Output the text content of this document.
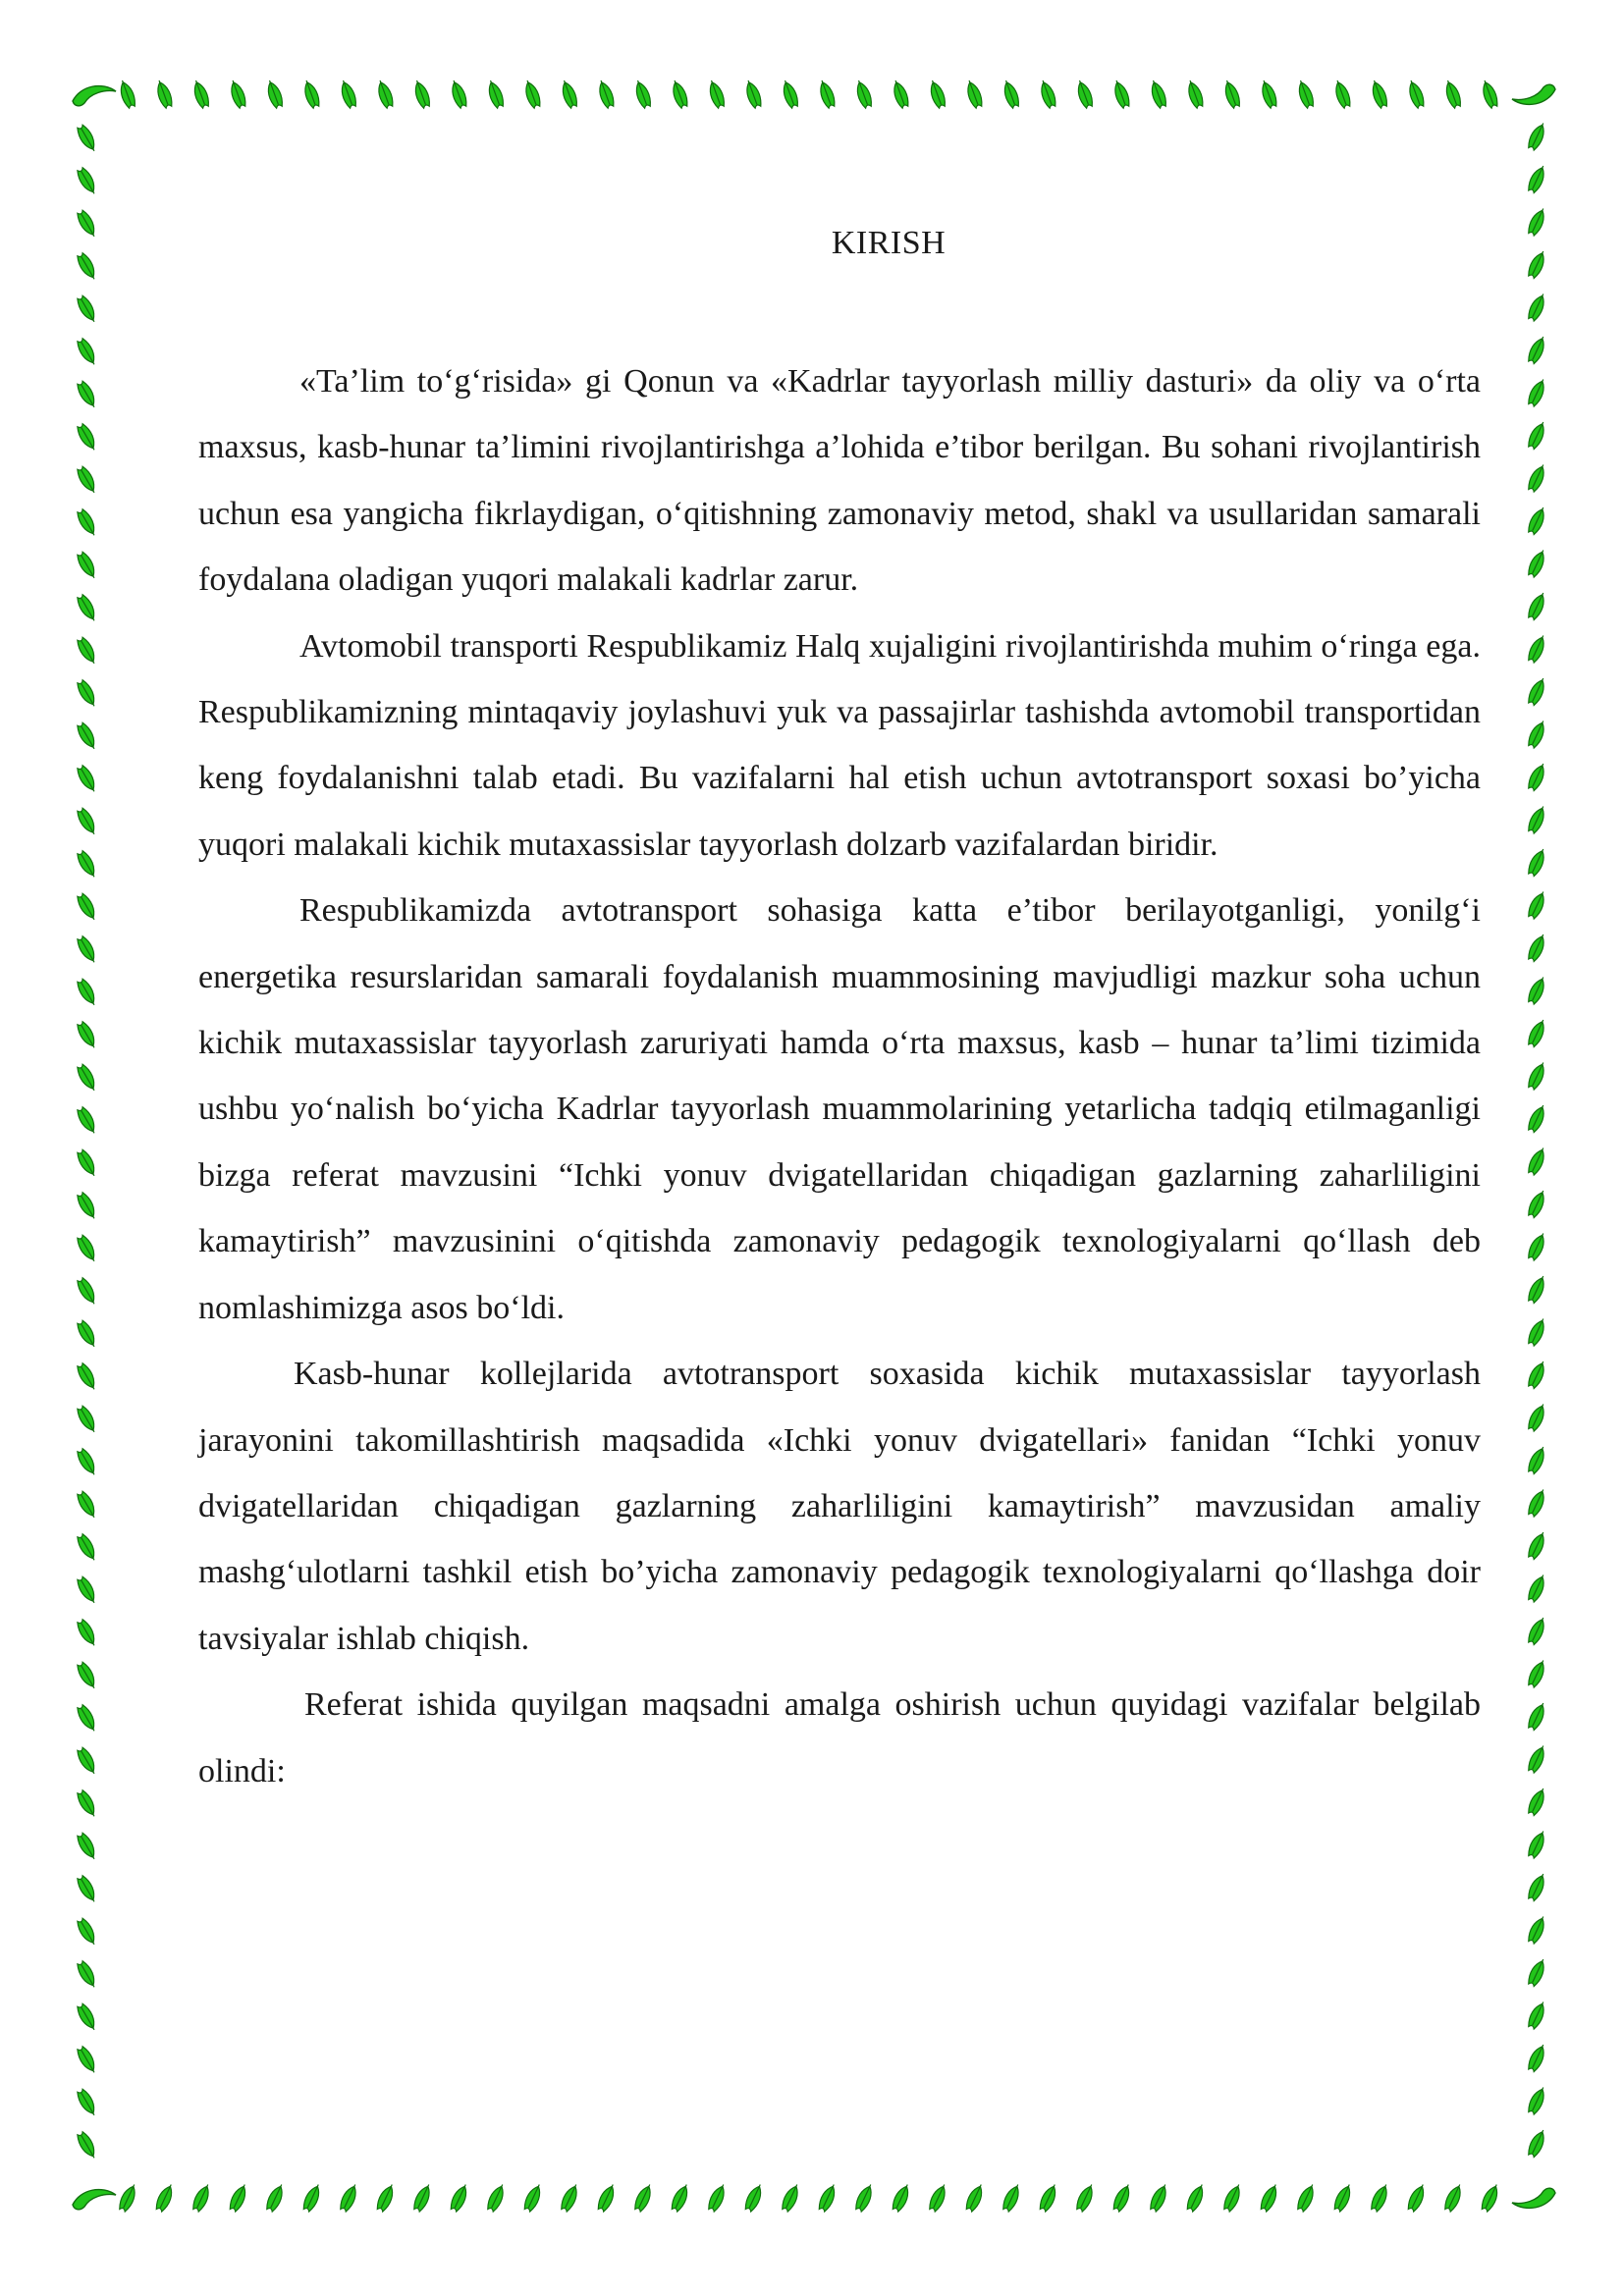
KIRISH

«Ta’lim to‘g‘risida» gi Qonun va «Kadrlar tayyorlash milliy dasturi» da oliy va o‘rta maxsus, kasb-hunar ta’limini rivojlantirishga a’lohida e’tibor berilgan. Bu sohani rivojlantirish uchun esa yangicha fikrlaydigan, o‘qitishning zamonaviy metod, shakl va usullaridan samarali foydalana oladigan yuqori malakali kadrlar zarur.

Avtomobil transporti Respublikamiz Halq xujaligini rivojlantirishda muhim o‘ringa ega. Respublikamizning mintaqaviy joylashuvi yuk va passajirlar tashishda avtomobil transportidan keng foydalanishni talab etadi. Bu vazifalarni hal etish uchun avtotransport soxasi bo’yicha yuqori malakali kichik mutaxassislar tayyorlash dolzarb vazifalardan biridir.

Respublikamizda avtotransport sohasiga katta e’tibor berilayotganligi, yonilg‘i energetika resurslaridan samarali foydalanish muammosining mavjudligi mazkur soha uchun kichik mutaxassislar tayyorlash zaruriyati hamda o‘rta maxsus, kasb – hunar ta’limi tizimida ushbu yo‘nalish bo‘yicha Kadrlar tayyorlash muammolarining yetarlicha tadqiq etilmaganligi bizga referat mavzusini “Ichki yonuv dvigatellaridan chiqadigan gazlarning zaharliligini kamaytirish” mavzusinini o‘qitishda zamonaviy pedagogik texnologiyalarni qo‘llash deb nomlashimizga asos bo‘ldi.

Kasb-hunar kollejlarida avtotransport soxasida kichik mutaxassislar tayyorlash jarayonini takomillashtirish maqsadida «Ichki yonuv dvigatellari» fanidan “Ichki yonuv dvigatellaridan chiqadigan gazlarning zaharliligini kamaytirish” mavzusidan amaliy mashg‘ulotlarni tashkil etish bo’yicha zamonaviy pedagogik texnologiyalarni qo‘llashga doir tavsiyalar ishlab chiqish.

Referat ishida quyilgan maqsadni amalga oshirish uchun quyidagi vazifalar belgilab olindi:
